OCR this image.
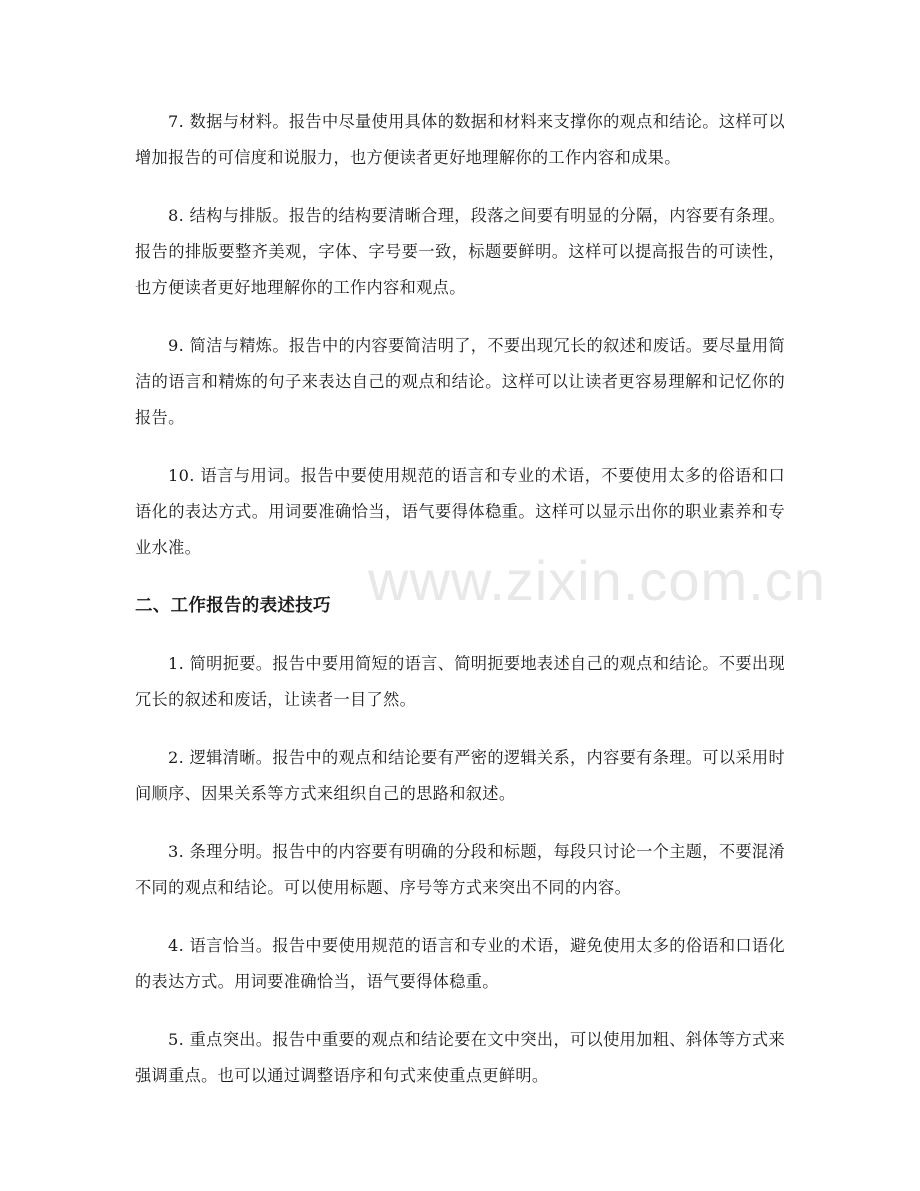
7. 数据与材料。报告中尽量使用具体的数据和材料来支撑你的观点和结论。这样可以增加报告的可信度和说服力，也方便读者更好地理解你的工作内容和成果。

8. 结构与排版。报告的结构要清晰合理，段落之间要有明显的分隔，内容要有条理。报告的排版要整齐美观，字体、字号要一致，标题要鲜明。这样可以提高报告的可读性，也方便读者更好地理解你的工作内容和观点。

9. 简洁与精炼。报告中的内容要简洁明了，不要出现冗长的叙述和废话。要尽量用简洁的语言和精炼的句子来表达自己的观点和结论。这样可以让读者更容易理解和记忆你的报告。

10. 语言与用词。报告中要使用规范的语言和专业的术语，不要使用太多的俗语和口语化的表达方式。用词要准确恰当，语气要得体稳重。这样可以显示出你的职业素养和专业水准。

二、工作报告的表述技巧

1. 简明扼要。报告中要用简短的语言、简明扼要地表述自己的观点和结论。不要出现冗长的叙述和废话，让读者一目了然。

2. 逻辑清晰。报告中的观点和结论要有严密的逻辑关系，内容要有条理。可以采用时间顺序、因果关系等方式来组织自己的思路和叙述。

3. 条理分明。报告中的内容要有明确的分段和标题，每段只讨论一个主题，不要混淆不同的观点和结论。可以使用标题、序号等方式来突出不同的内容。

4. 语言恰当。报告中要使用规范的语言和专业的术语，避免使用太多的俗语和口语化的表达方式。用词要准确恰当，语气要得体稳重。

5. 重点突出。报告中重要的观点和结论要在文中突出，可以使用加粗、斜体等方式来强调重点。也可以通过调整语序和句式来使重点更鲜明。

www.zixin.com.cn
